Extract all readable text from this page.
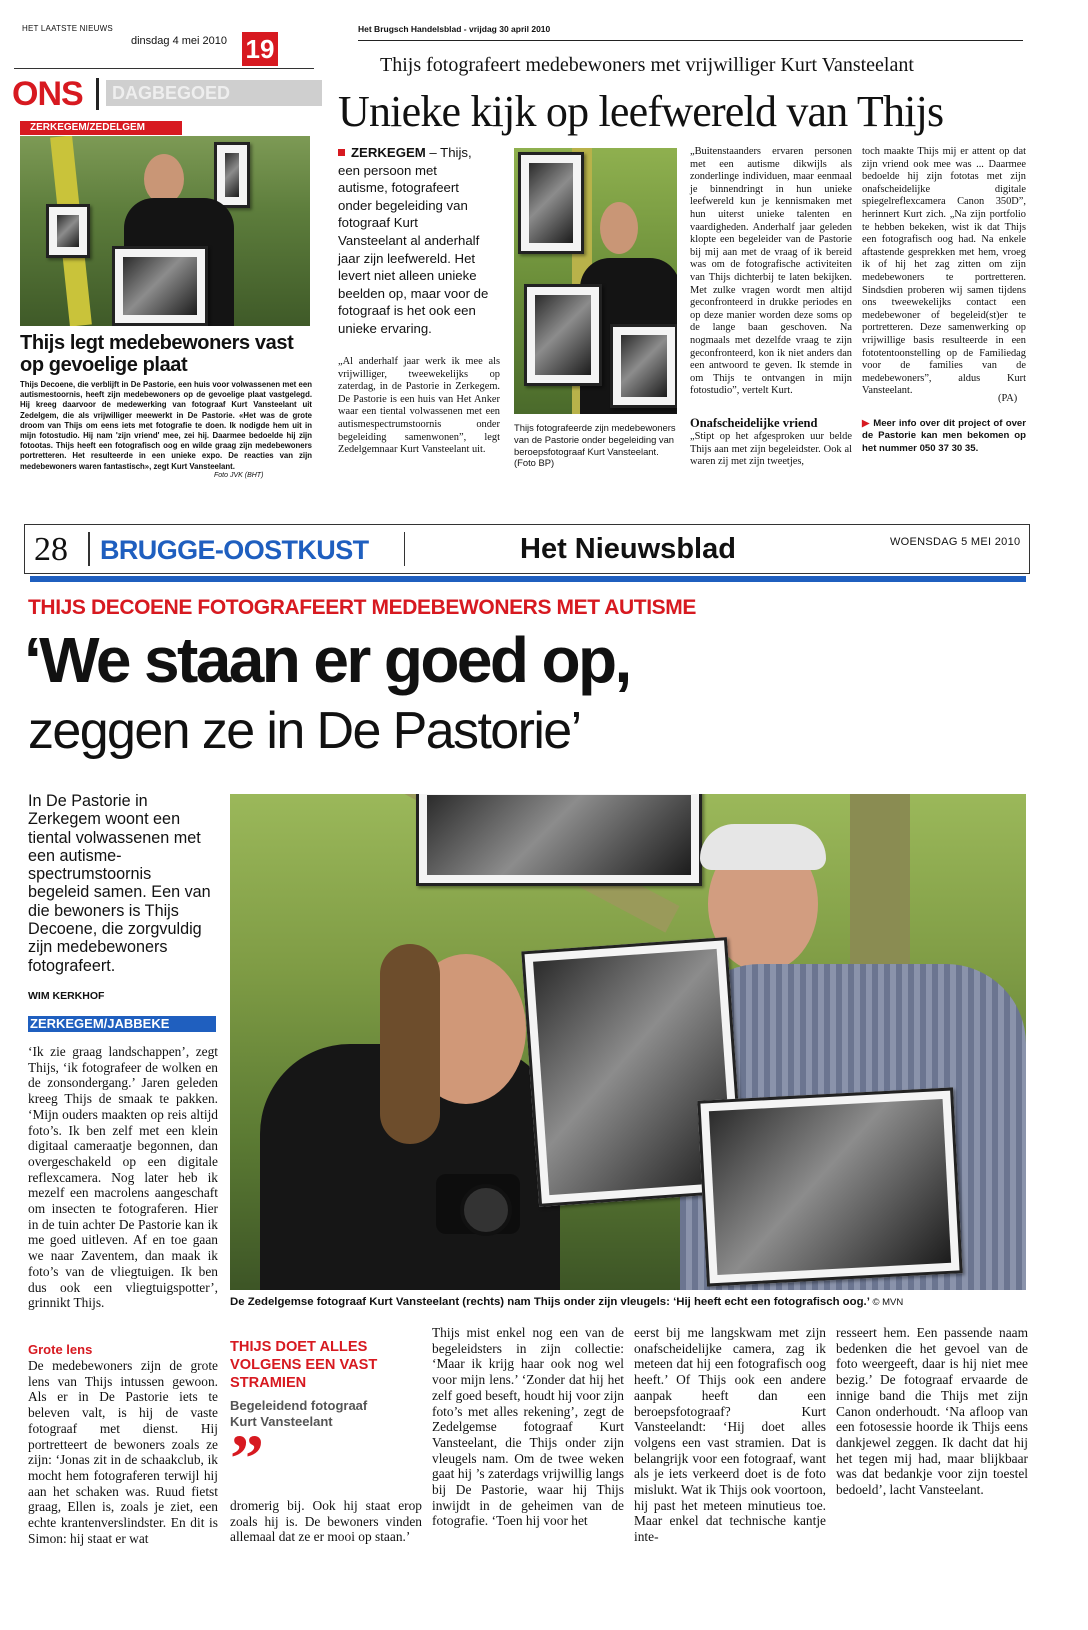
HET LAATSTE NIEUWS
dinsdag 4 mei 2010 19
ONS	DAGBEGOED
ZERKEGEM/ZEDELGEM
Thijs legt medebewoners vast op gevoelige plaat
Thijs Decoene, die verblijft in De Pastorie, een huis voor volwassenen met een autismestoornis, heeft zijn medebewoners op de gevoelige plaat vastgelegd. Hij kreeg daarvoor de medewerking van fotograaf Kurt Vansteelant uit Zedelgem, die als vrijwilliger meewerkt in De Pastorie. «Het was de grote droom van Thijs om eens iets met fotografie te doen. Ik nodigde hem uit in mijn fotostudio. Hij nam 'zijn vriend' mee, zei hij. Daarmee bedoelde hij zijn fotootas. Thijs heeft een fotografisch oog en wilde graag zijn medebewoners portretteren. Het resulteerde in een unieke expo. De reacties van zijn medebewoners waren fantastisch», zegt Kurt Vansteelant.
Foto JVK (BHT)
Het Brugsch Handelsblad - vrijdag 30 april 2010
Thijs fotografeert medebewoners met vrijwilliger Kurt Vansteelant
Unieke kijk op leefwereld van Thijs
ZERKEGEM – Thijs, een persoon met autisme, fotografeert onder begeleiding van fotograaf Kurt Vansteelant al anderhalf jaar zijn leefwereld. Het levert niet alleen unieke beelden op, maar voor de fotograaf is het ook een unieke ervaring.
„Al anderhalf jaar werk ik mee als vrijwilliger, tweewekelijks op zaterdag, in de Pastorie in Zerkegem. De Pastorie is een huis van Het Anker waar een tiental volwassenen met een autismespectrumstoornis onder begeleiding samenwonen”, legt Zedelgemnaar Kurt Vansteelant uit.
Thijs fotografeerde zijn medebewoners van de Pastorie onder begeleiding van beroepsfotograaf Kurt Vansteelant. (Foto BP)
„Buitenstaanders ervaren personen met een autisme dikwijls als zonderlinge individuen, maar eenmaal je binnendringt in hun unieke leefwereld kun je kennismaken met hun uiterst unieke talenten en vaardigheden. Anderhalf jaar geleden klopte een begeleider van de Pastorie bij mij aan met de vraag of ik bereid was om de fotografische activiteiten van Thijs dichterbij te laten bekijken. Met zulke vragen wordt men altijd geconfronteerd in drukke periodes en op deze manier worden deze soms op de lange baan geschoven. Na nogmaals met dezelfde vraag te zijn geconfronteerd, kon ik niet anders dan een antwoord te geven. Ik stemde in om Thijs te ontvangen in mijn fotostudio”, vertelt Kurt.
Onafscheidelijke vriend
„Stipt op het afgesproken uur belde Thijs aan met zijn begeleidster. Ook al waren zij met zijn tweetjes,
toch maakte Thijs mij er attent op dat zijn vriend ook mee was ... Daarmee bedoelde hij zijn fototas met zijn onafscheidelijke digitale spiegelreflexcamera Canon 350D”, herinnert Kurt zich. „Na zijn portfolio te hebben bekeken, wist ik dat Thijs een fotografisch oog had. Na enkele aftastende gesprekken met hem, vroeg ik of hij het zag zitten om zijn medebewoners te portretteren. Sindsdien proberen wij samen tijdens ons tweewekelijks contact een medebewoner of begeleid(st)er te portretteren. Deze samenwerking op vrijwillige basis resulteerde in een fototentoonstelling op de Familiedag voor de families van de medebewoners”, aldus Kurt Vansteelant.
(PA)
▶ Meer info over dit project of over de Pastorie kan men bekomen op het nummer 050 37 30 35.
28 BRUGGE-OOSTKUST	Het Nieuwsblad	WOENSDAG 5 MEI 2010
THIJS DECOENE FOTOGRAFEERT MEDEBEWONERS MET AUTISME
‘We staan er goed op,
zeggen ze in De Pastorie’
In De Pastorie in Zerkegem woont een tiental volwassenen met een autisme-spectrumstoornis begeleid samen. Een van die bewoners is Thijs Decoene, die zorgvuldig zijn medebewoners fotografeert.
WIM KERKHOF
ZERKEGEM/JABBEKE
‘Ik zie graag landschappen’, zegt Thijs, ‘ik fotografeer de wolken en de zonsondergang.’ Jaren geleden kreeg Thijs de smaak te pakken. ‘Mijn ouders maakten op reis altijd foto’s. Ik ben zelf met een klein digitaal cameraatje begonnen, dan overgeschakeld op een digitale reflexcamera. Nog later heb ik mezelf een macrolens aangeschaft om insecten te fotograferen. Hier in de tuin achter De Pastorie kan ik me goed uitleven. Af en toe gaan we naar Zaventem, dan maak ik foto’s van de vliegtuigen. Ik ben dus ook een vliegtuigspotter’, grinnikt Thijs.	De Zedelgemse fotograaf Kurt Vansteelant (rechts) nam Thijs onder zijn vleugels: ‘Hij heeft echt een fotografisch oog.’ © MVN
Grote lens
De medebewoners zijn de grote lens van Thijs intussen gewoon. Als er in De Pastorie iets te beleven valt, is hij de vaste fotograaf met dienst. Hij portretteert de bewoners zoals ze zijn: ‘Jonas zit in de schaakclub, ik mocht hem fotograferen terwijl hij aan het schaken was. Ruud fietst graag, Ellen is, zoals je ziet, een echte krantenverslindster. En dit is Simon: hij staat er wat
THIJS DOET ALLES VOLGENS EEN VAST STRAMIEN
Begeleidend fotograaf Kurt Vansteelant
”
dromerig bij. Ook hij staat erop zoals hij is. De bewoners vinden allemaal dat ze er mooi op staan.’
Thijs mist enkel nog een van de begeleidsters in zijn collectie: ‘Maar ik krijg haar ook nog wel voor mijn lens.’ ‘Zonder dat hij het zelf goed beseft, houdt hij voor zijn foto’s met alles rekening’, zegt de Zedelgemse fotograaf Kurt Vansteelant, die Thijs onder zijn vleugels nam. Om de twee weken gaat hij ’s zaterdags vrijwillig langs bij De Pastorie, waar hij Thijs inwijdt in de geheimen van de fotografie. ‘Toen hij voor het
eerst bij me langskwam met zijn onafscheidelijke camera, zag ik meteen dat hij een fotografisch oog heeft.’ Of Thijs ook een andere aanpak heeft dan een beroepsfotograaf? Kurt Vansteelandt: ‘Hij doet alles volgens een vast stramien. Dat is belangrijk voor een fotograaf, want als je iets verkeerd doet is de foto mislukt. Wat ik Thijs ook voortoon, hij past het meteen minutieus toe. Maar enkel dat technische kantje inte-
resseert hem. Een passende naam bedenken die het gevoel van de foto weergeeft, daar is hij niet mee bezig.’ De fotograaf ervaarde de innige band die Thijs met zijn Canon onderhoudt. ‘Na afloop van een fotosessie hoorde ik Thijs eens dankjewel zeggen. Ik dacht dat hij het tegen mij had, maar blijkbaar was dat bedankje voor zijn toestel bedoeld’, lacht Vansteelant.
